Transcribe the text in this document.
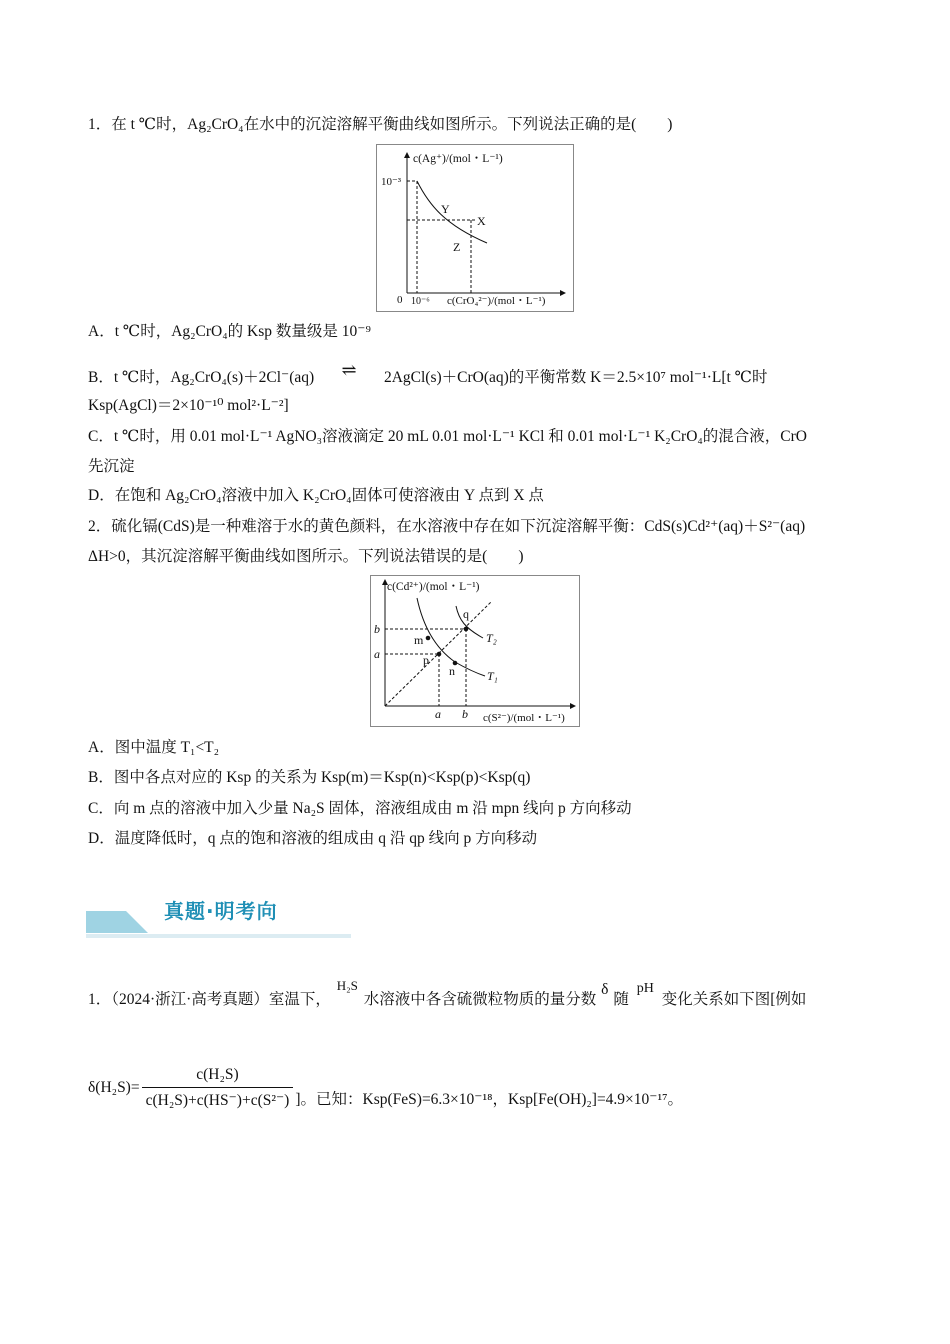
1．在 t ℃时，Ag₂CrO₄在水中的沉淀溶解平衡曲线如图所示。下列说法正确的是(　　)
c(Ag⁺)/(mol・L⁻¹)
10⁻³
0 10⁻⁶ c(CrO₄²⁻)/(mol・L⁻¹)
Y
X
Z
A．t ℃时，Ag₂CrO₄的 Ksp 数量级是 10⁻⁹
B．t ℃时，Ag₂CrO₄(s)＋2Cl⁻(aq) ⇌ 2AgCl(s)＋CrO(aq)的平衡常数 K＝2.5×10⁷ mol⁻¹·L[t ℃时
Ksp(AgCl)＝2×10⁻¹⁰ mol²·L⁻²]
C．t ℃时，用 0.01 mol·L⁻¹ AgNO₃溶液滴定 20 mL 0.01 mol·L⁻¹ KCl 和 0.01 mol·L⁻¹ K₂CrO₄的混合液，CrO
先沉淀
D．在饱和 Ag₂CrO₄溶液中加入 K₂CrO₄固体可使溶液由 Y 点到 X 点
2．硫化镉(CdS)是一种难溶于水的黄色颜料，在水溶液中存在如下沉淀溶解平衡：CdS(s)Cd²⁺(aq)＋S²⁻(aq)
ΔH>0，其沉淀溶解平衡曲线如图所示。下列说法错误的是(　　)
c(Cd²⁺)/(mol・L⁻¹)
b
a
a b c(S²⁻)/(mol・L⁻¹)
m
p
n
q
T₂
T₁
A．图中温度 T₁<T₂
B．图中各点对应的 Ksp 的关系为 Ksp(m)＝Ksp(n)<Ksp(p)<Ksp(q)
C．向 m 点的溶液中加入少量 Na₂S 固体，溶液组成由 m 沿 mpn 线向 p 方向移动
D．温度降低时，q 点的饱和溶液的组成由 q 沿 qp 线向 p 方向移动
真题·明考向
1．（2024·浙江·高考真题）室温下， H₂S 水溶液中各含硫微粒物质的量分数 δ 随 pH 变化关系如下图[例如
$\delta(H_2S)= \frac{\text{c(H₂S)}}{\text{c(H₂S)+c(HS⁻)+c(S²⁻)}}$ ]。已知：Ksp(FeS)=6.3×10⁻¹⁸，Ksp[Fe(OH)₂]=4.9×10⁻¹⁷。
